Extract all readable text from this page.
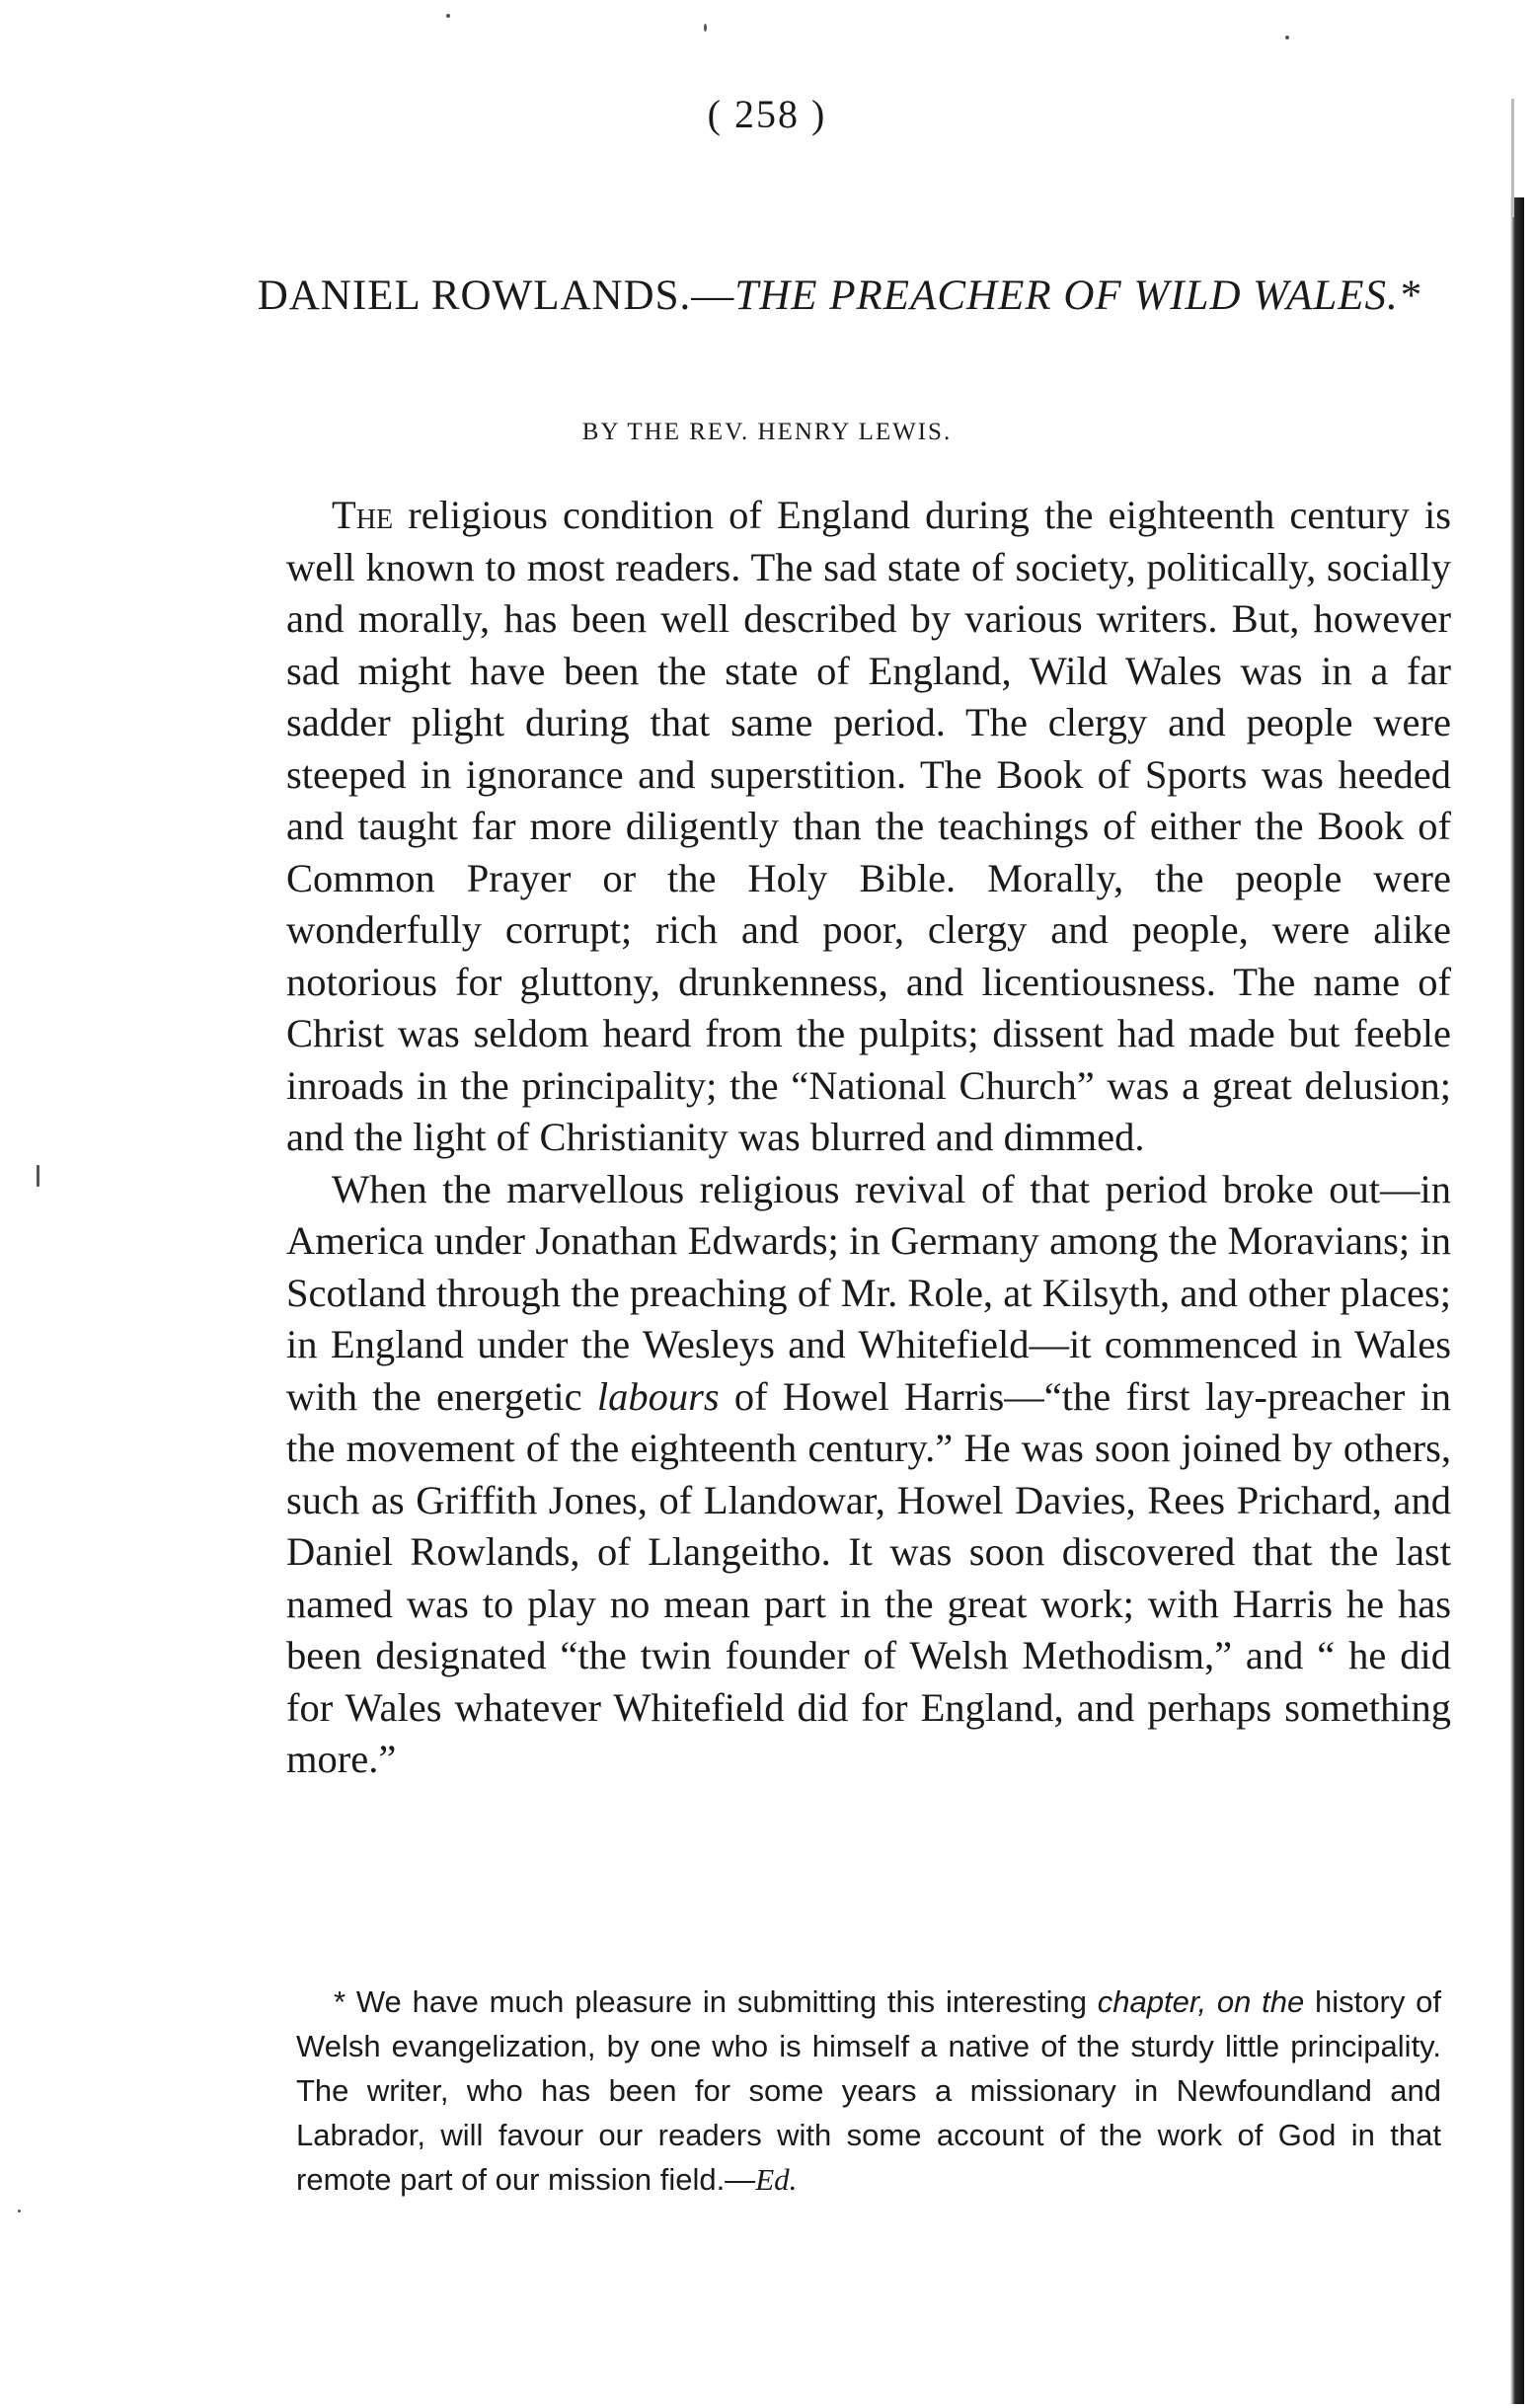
( 258 )
DANIEL ROWLANDS.—THE PREACHER OF WILD WALES.*
BY THE REV. HENRY LEWIS.

The religious condition of England during the eighteenth century is well known to most readers. The sad state of society, politically, socially and morally, has been well described by various writers. But, however sad might have been the state of England, Wild Wales was in a far sadder plight during that same period. The clergy and people were steeped in ignorance and superstition. The Book of Sports was heeded and taught far more diligently than the teachings of either the Book of Common Prayer or the Holy Bible. Morally, the people were wonderfully corrupt; rich and poor, clergy and people, were alike notorious for gluttony, drunkenness, and licentiousness. The name of Christ was seldom heard from the pulpits; dissent had made but feeble inroads in the principality; the “National Church” was a great delusion; and the light of Christianity was blurred and dimmed.

When the marvellous religious revival of that period broke out—in America under Jonathan Edwards; in Germany among the Moravians; in Scotland through the preaching of Mr. Role, at Kilsyth, and other places; in England under the Wesleys and Whitefield—it commenced in Wales with the energetic labours of Howel Harris—“the first lay-preacher in the movement of the eighteenth century.” He was soon joined by others, such as Griffith Jones, of Llandowar, Howel Davies, Rees Prichard, and Daniel Rowlands, of Llangeitho. It was soon discovered that the last named was to play no mean part in the great work; with Harris he has been designated “the twin founder of Welsh Methodism,” and “ he did for Wales whatever Whitefield did for England, and perhaps something more.”

* We have much pleasure in submitting this interesting chapter, on the history of Welsh evangelization, by one who is himself a native of the sturdy little principality. The writer, who has been for some years a missionary in Newfoundland and Labrador, will favour our readers with some account of the work of God in that remote part of our mission field.—Ed.
